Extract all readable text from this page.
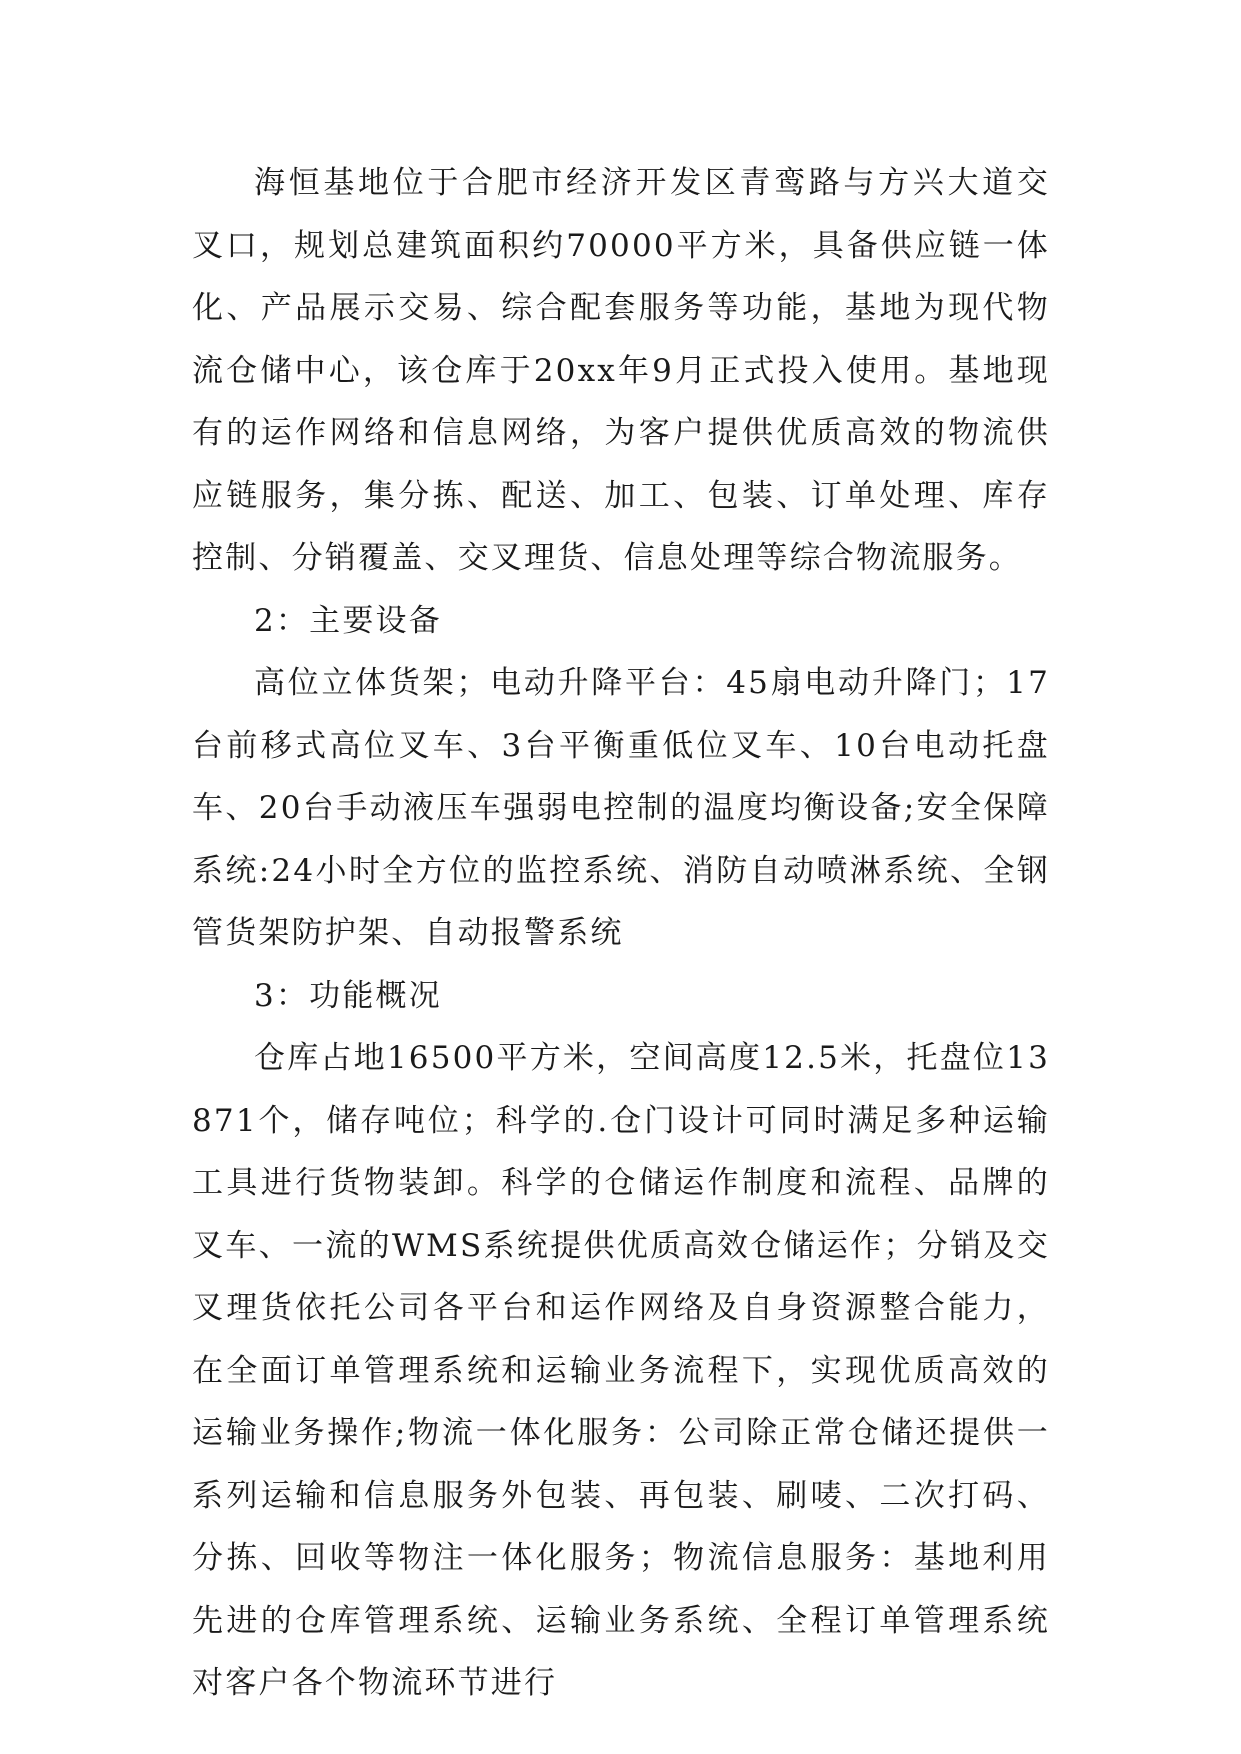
海恒基地位于合肥市经济开发区青鸾路与方兴大道交叉口，规划总建筑面积约70000平方米，具备供应链一体化、产品展示交易、综合配套服务等功能，基地为现代物流仓储中心，该仓库于20xx年9月正式投入使用。基地现有的运作网络和信息网络，为客户提供优质高效的物流供应链服务，集分拣、配送、加工、包装、订单处理、库存控制、分销覆盖、交叉理货、信息处理等综合物流服务。

2：主要设备

高位立体货架；电动升降平台：45扇电动升降门；17台前移式高位叉车、3台平衡重低位叉车、10台电动托盘车、20台手动液压车强弱电控制的温度均衡设备;安全保障系统:24小时全方位的监控系统、消防自动喷淋系统、全钢管货架防护架、自动报警系统

3：功能概况

仓库占地16500平方米，空间高度12.5米，托盘位13871个，储存吨位；科学的.仓门设计可同时满足多种运输工具进行货物装卸。科学的仓储运作制度和流程、品牌的叉车、一流的WMS系统提供优质高效仓储运作；分销及交叉理货依托公司各平台和运作网络及自身资源整合能力，在全面订单管理系统和运输业务流程下，实现优质高效的运输业务操作;物流一体化服务：公司除正常仓储还提供一系列运输和信息服务外包装、再包装、刷唛、二次打码、分拣、回收等物注一体化服务；物流信息服务：基地利用先进的仓库管理系统、运输业务系统、全程订单管理系统对客户各个物流环节进行
